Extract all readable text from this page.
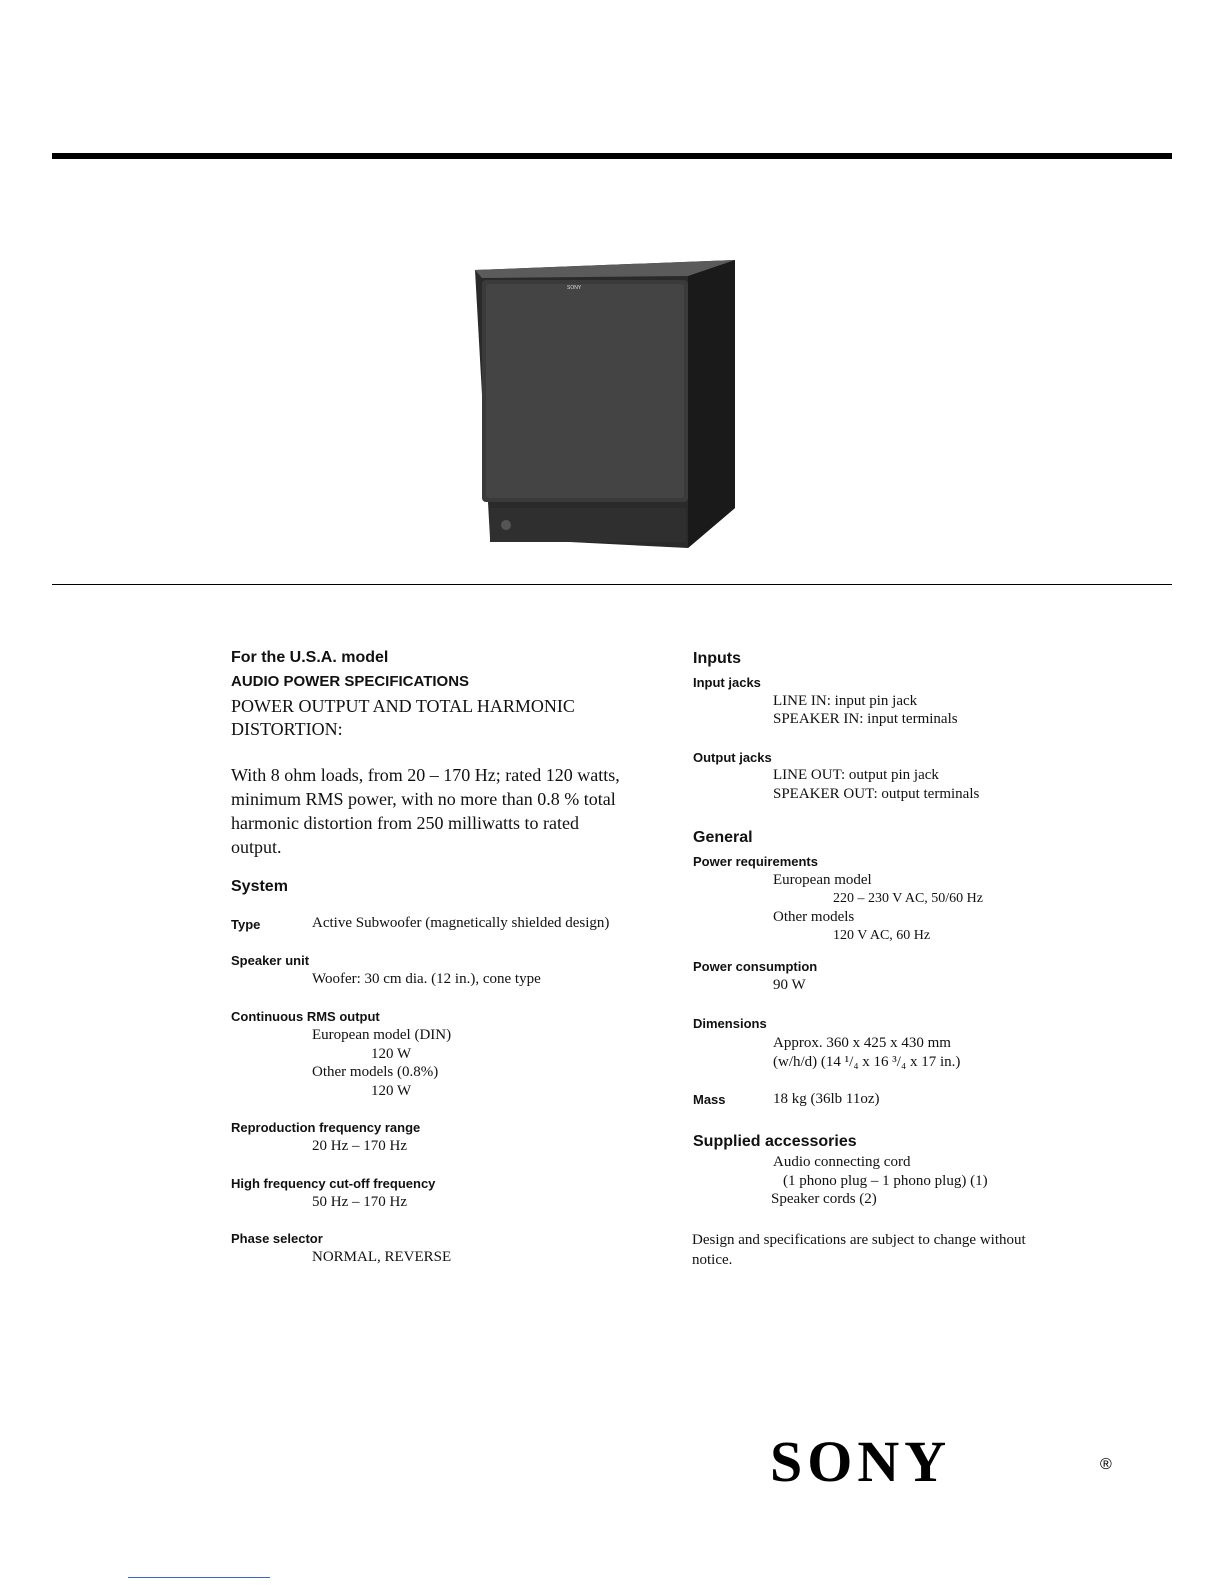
SONY
For the U.S.A. model
AUDIO POWER SPECIFICATIONS
POWER OUTPUT AND TOTAL HARMONIC
DISTORTION:
With 8 ohm loads, from 20 – 170 Hz; rated 120 watts,
minimum RMS power, with no more than 0.8 % total
harmonic distortion from 250 milliwatts to rated
output.
System
Type	Active Subwoofer (magnetically shielded design)
Speaker unit
Woofer: 30 cm dia. (12 in.), cone type
Continuous RMS output
European model (DIN)
120 W
Other models (0.8%)
120 W
Reproduction frequency range
20 Hz – 170 Hz
High frequency cut-off frequency
50 Hz – 170 Hz
Phase selector
NORMAL, REVERSE
Inputs
Input jacks
LINE IN: input pin jack
SPEAKER IN: input terminals
Output jacks
LINE OUT: output pin jack
SPEAKER OUT: output terminals
General
Power requirements
European model
220 – 230 V AC, 50/60 Hz
Other models
120 V AC, 60 Hz
Power consumption
90 W
Dimensions
Approx. 360 x 425 x 430 mm
(w/h/d) (14 ¹/₄ x 16 ³/₄ x 17 in.)
Mass	18 kg (36lb 11oz)
Supplied accessories
Audio connecting cord
(1 phono plug – 1 phono plug) (1)
Speaker cords (2)
Design and specifications are subject to change without
notice.
SONY	®
